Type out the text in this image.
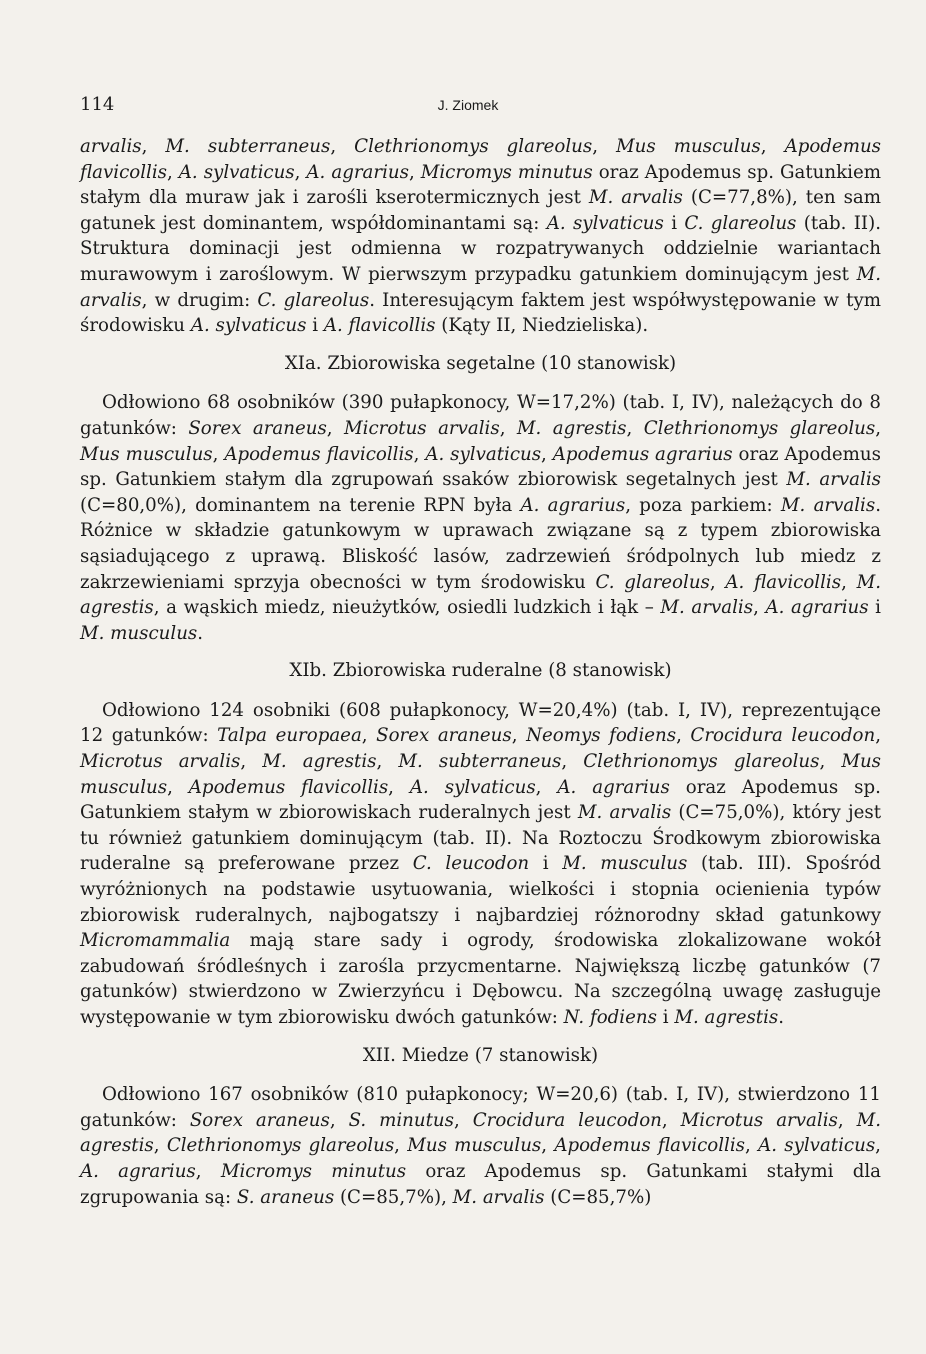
114	J. Ziomek

arvalis, M. subterraneus, Clethrionomys glareolus, Mus musculus, Apodemus flavicollis, A. sylvaticus, A. agrarius, Micromys minutus oraz Apodemus sp. Gatunkiem stałym dla muraw jak i zarośli kserotermicznych jest M. arvalis (C=77,8%), ten sam gatunek jest dominantem, współdominantami są: A. sylvaticus i C. glareolus (tab. II). Struktura dominacji jest odmienna w rozpatrywanych oddzielnie wariantach murawowym i zaroślowym. W pierwszym przypadku gatunkiem dominującym jest M. arvalis, w drugim: C. glareolus. Interesującym faktem jest współwystępowanie w tym środowisku A. sylvaticus i A. flavicollis (Kąty II, Niedzieliska).

XIa. Zbiorowiska segetalne (10 stanowisk)

Odłowiono 68 osobników (390 pułapkonocy, W=17,2%) (tab. I, IV), należących do 8 gatunków: Sorex araneus, Microtus arvalis, M. agrestis, Clethrionomys glareolus, Mus musculus, Apodemus flavicollis, A. sylvaticus, Apodemus agrarius oraz Apodemus sp. Gatunkiem stałym dla zgrupowań ssaków zbiorowisk segetalnych jest M. arvalis (C=80,0%), dominantem na terenie RPN była A. agrarius, poza parkiem: M. arvalis. Różnice w składzie gatunkowym w uprawach związane są z typem zbiorowiska sąsiadującego z uprawą. Bliskość lasów, zadrzewień śródpolnych lub miedz z zakrzewieniami sprzyja obecności w tym środowisku C. glareolus, A. flavicollis, M. agrestis, a wąskich miedz, nieużytków, osiedli ludzkich i łąk – M. arvalis, A. agrarius i M. musculus.

XIb. Zbiorowiska ruderalne (8 stanowisk)

Odłowiono 124 osobniki (608 pułapkonocy, W=20,4%) (tab. I, IV), reprezentujące 12 gatunków: Talpa europaea, Sorex araneus, Neomys fodiens, Crocidura leucodon, Microtus arvalis, M. agrestis, M. subterraneus, Clethrionomys glareolus, Mus musculus, Apodemus flavicollis, A. sylvaticus, A. agrarius oraz Apodemus sp. Gatunkiem stałym w zbiorowiskach ruderalnych jest M. arvalis (C=75,0%), który jest tu również gatunkiem dominującym (tab. II). Na Roztoczu Środkowym zbiorowiska ruderalne są preferowane przez C. leucodon i M. musculus (tab. III). Spośród wyróżnionych na podstawie usytuowania, wielkości i stopnia ocienienia typów zbiorowisk ruderalnych, najbogatszy i najbardziej różnorodny skład gatunkowy Micromammalia mają stare sady i ogrody, środowiska zlokalizowane wokół zabudowań śródleśnych i zarośla przycmentarne. Największą liczbę gatunków (7 gatunków) stwierdzono w Zwierzyńcu i Dębowcu. Na szczególną uwagę zasługuje występowanie w tym zbiorowisku dwóch gatunków: N. fodiens i M. agrestis.

XII. Miedze (7 stanowisk)

Odłowiono 167 osobników (810 pułapkonocy; W=20,6) (tab. I, IV), stwierdzono 11 gatunków: Sorex araneus, S. minutus, Crocidura leucodon, Microtus arvalis, M. agrestis, Clethrionomys glareolus, Mus musculus, Apodemus flavicollis, A. sylvaticus, A. agrarius, Micromys minutus oraz Apodemus sp. Gatunkami stałymi dla zgrupowania są: S. araneus (C=85,7%), M. arvalis (C=85,7%)
